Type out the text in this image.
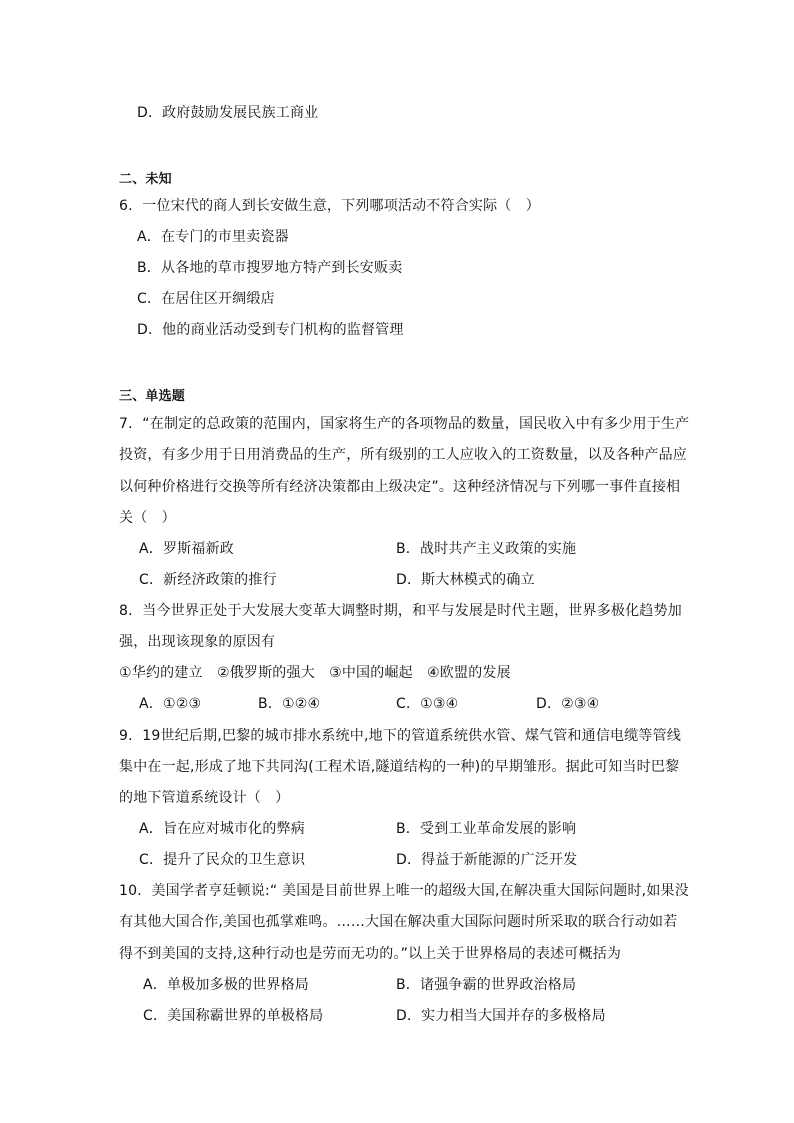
D．政府鼓励发展民族工商业
二、未知
6．一位宋代的商人到长安做生意，下列哪项活动不符合实际（　）
A．在专门的市里卖瓷器
B．从各地的草市搜罗地方特产到长安贩卖
C．在居住区开绸缎店
D．他的商业活动受到专门机构的监督管理
三、单选题
7．“在制定的总政策的范围内，国家将生产的各项物品的数量，国民收入中有多少用于生产
投资，有多少用于日用消费品的生产，所有级别的工人应收入的工资数量，以及各种产品应
以何种价格进行交换等所有经济决策都由上级决定”。这种经济情况与下列哪一事件直接相
关（　）
A．罗斯福新政	B．战时共产主义政策的实施
C．新经济政策的推行	D．斯大林模式的确立
8．当今世界正处于大发展大变革大调整时期，和平与发展是时代主题，世界多极化趋势加
强，出现该现象的原因有
①华约的建立　②俄罗斯的强大　③中国的崛起　④欧盟的发展
A．①②③	B．①②④	C．①③④	D．②③④
9．19世纪后期,巴黎的城市排水系统中,地下的管道系统供水管、煤气管和通信电缆等管线
集中在一起,形成了地下共同沟(工程术语,隧道结构的一种)的早期雏形。据此可知当时巴黎
的地下管道系统设计（　）
A．旨在应对城市化的弊病	B．受到工业革命发展的影响
C．提升了民众的卫生意识	D．得益于新能源的广泛开发
10．美国学者亨廷顿说:“ 美国是目前世界上唯一的超级大国,在解决重大国际问题时,如果没
有其他大国合作,美国也孤掌难鸣。……大国在解决重大国际问题时所采取的联合行动如若
得不到美国的支持,这种行动也是劳而无功的。”以上关于世界格局的表述可概括为
A．单极加多极的世界格局	B．诸强争霸的世界政治格局
C．美国称霸世界的单极格局	D．实力相当大国并存的多极格局
